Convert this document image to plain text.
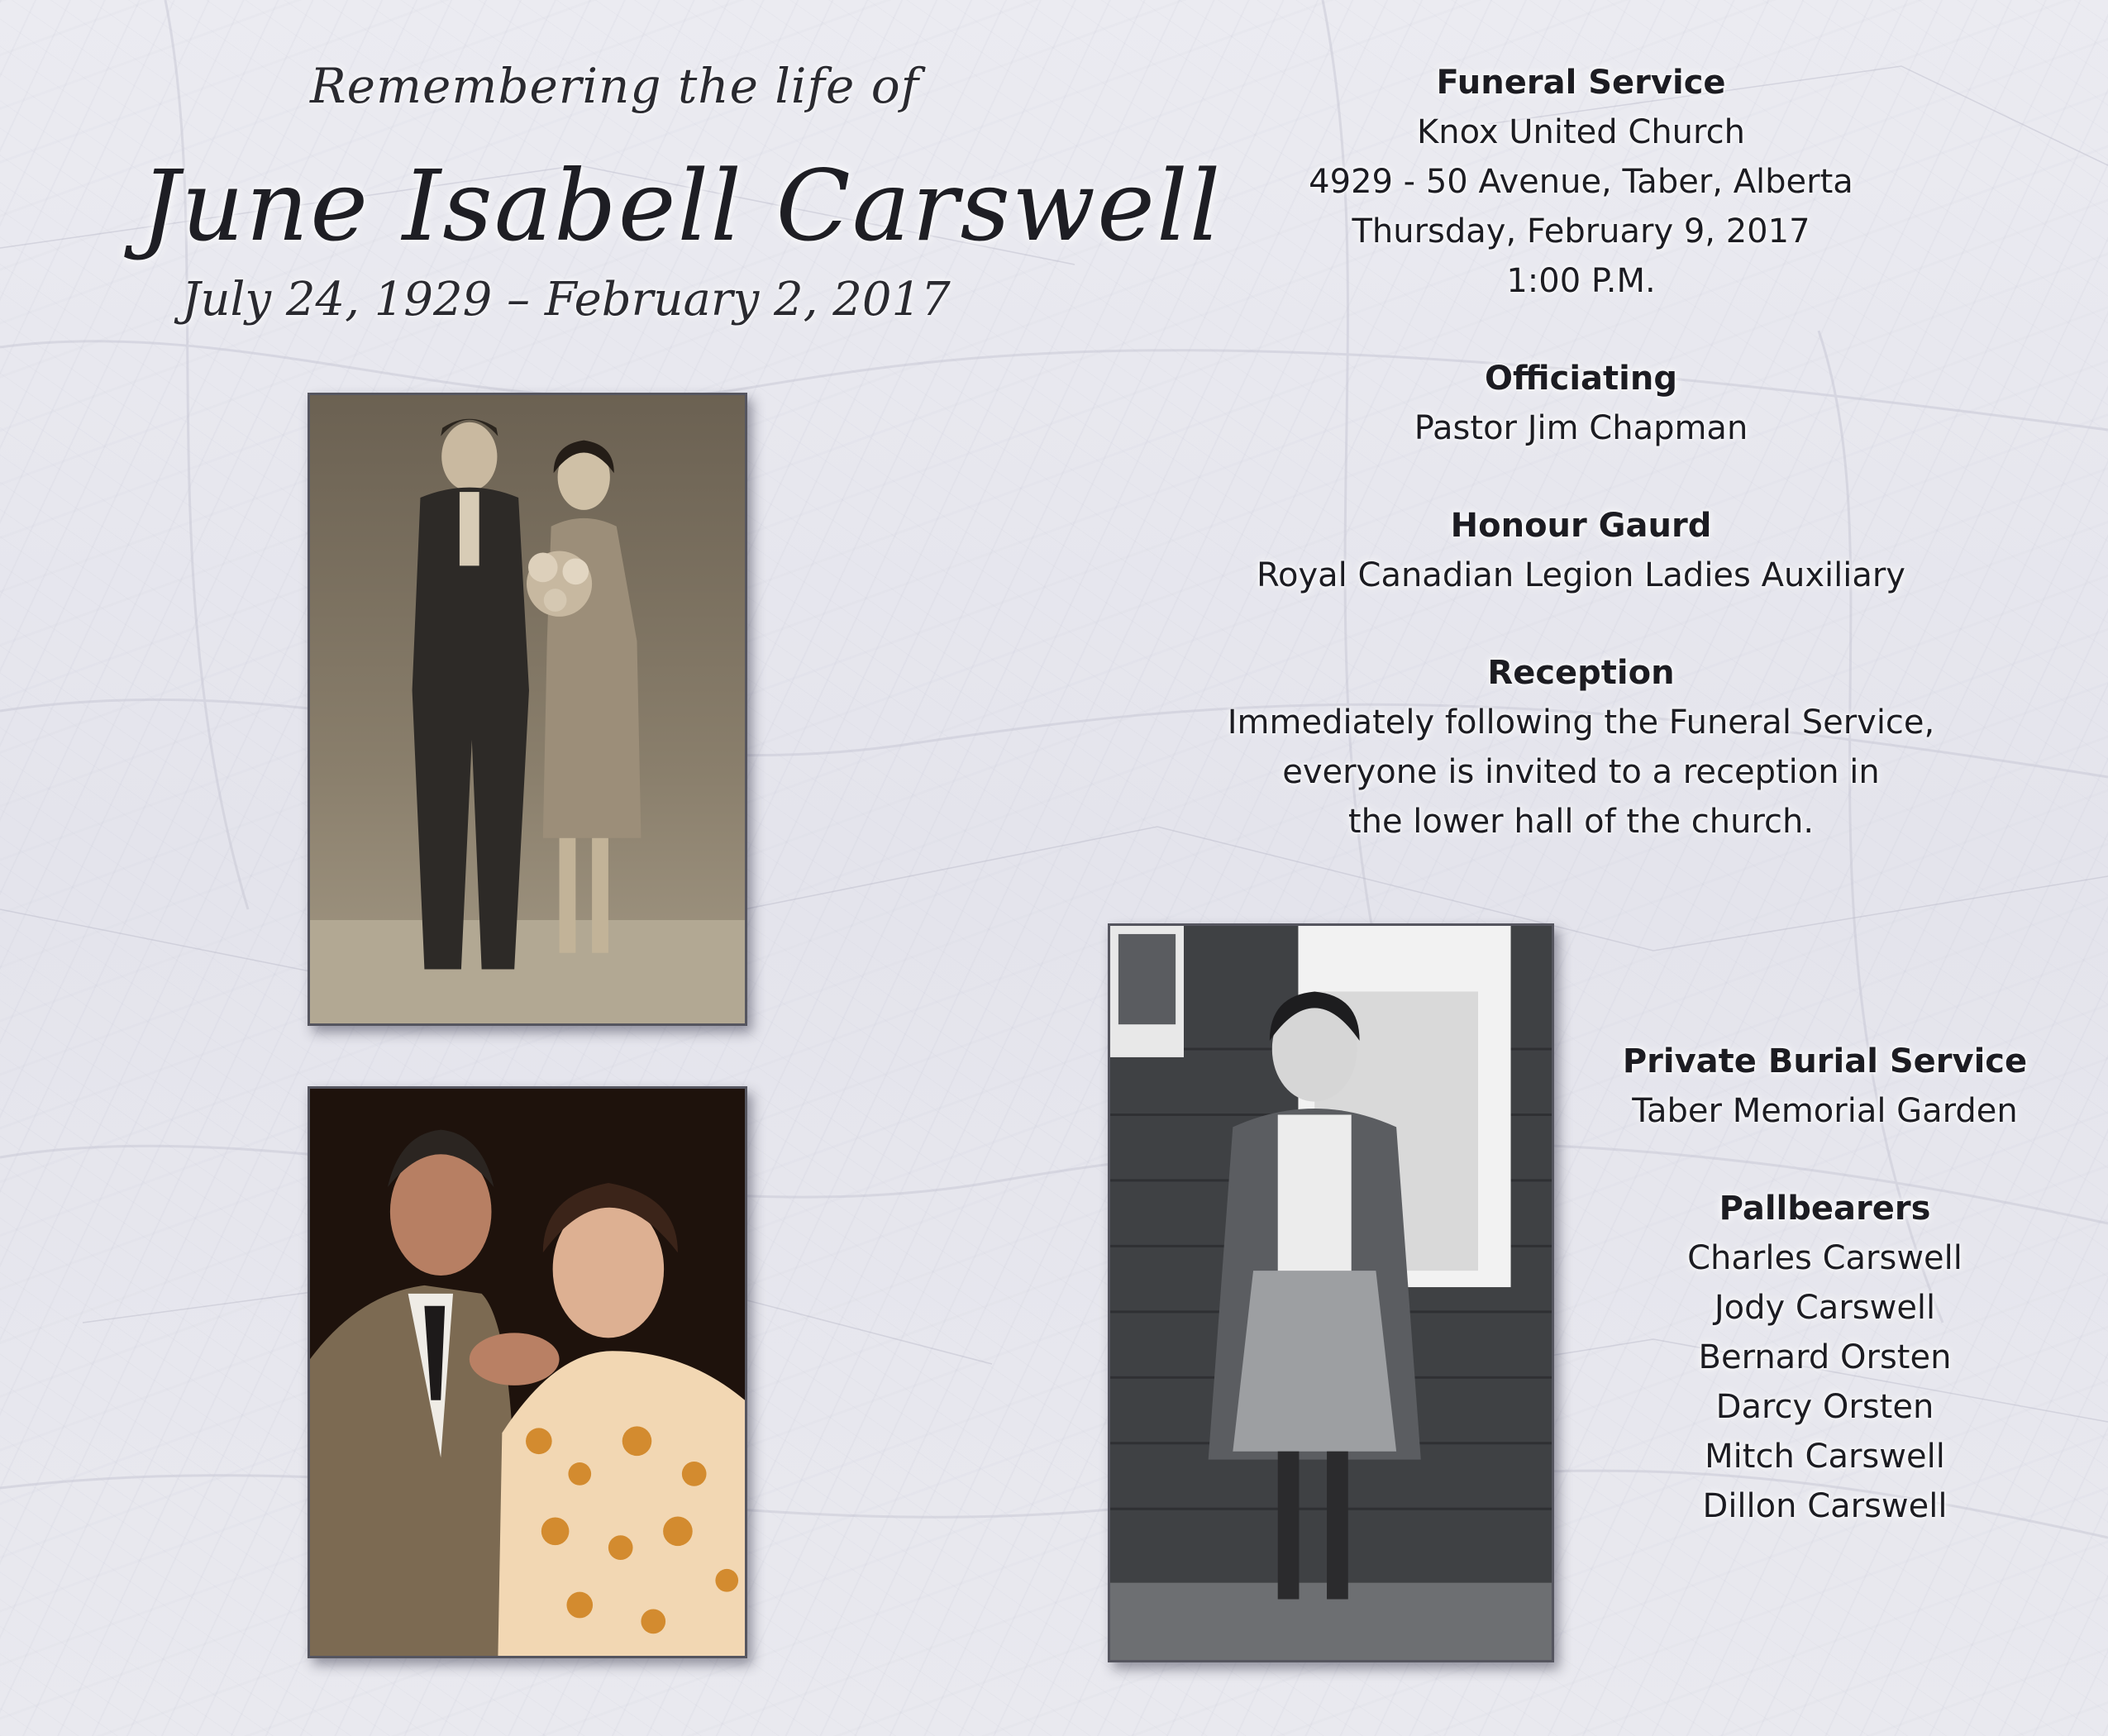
Remembering the life of
June Isabell Carswell
July 24, 1929 – February 2, 2017
Funeral Service
Knox United Church
4929 - 50 Avenue, Taber, Alberta
Thursday, February 9, 2017
1:00 P.M.
Officiating
Pastor Jim Chapman
Honour Gaurd
Royal Canadian Legion Ladies Auxiliary
Reception
Immediately following the Funeral Service,
everyone is invited to a reception in
the lower hall of the church.
Private Burial Service
Taber Memorial Garden
Pallbearers
Charles Carswell
Jody Carswell
Bernard Orsten
Darcy Orsten
Mitch Carswell
Dillon Carswell
